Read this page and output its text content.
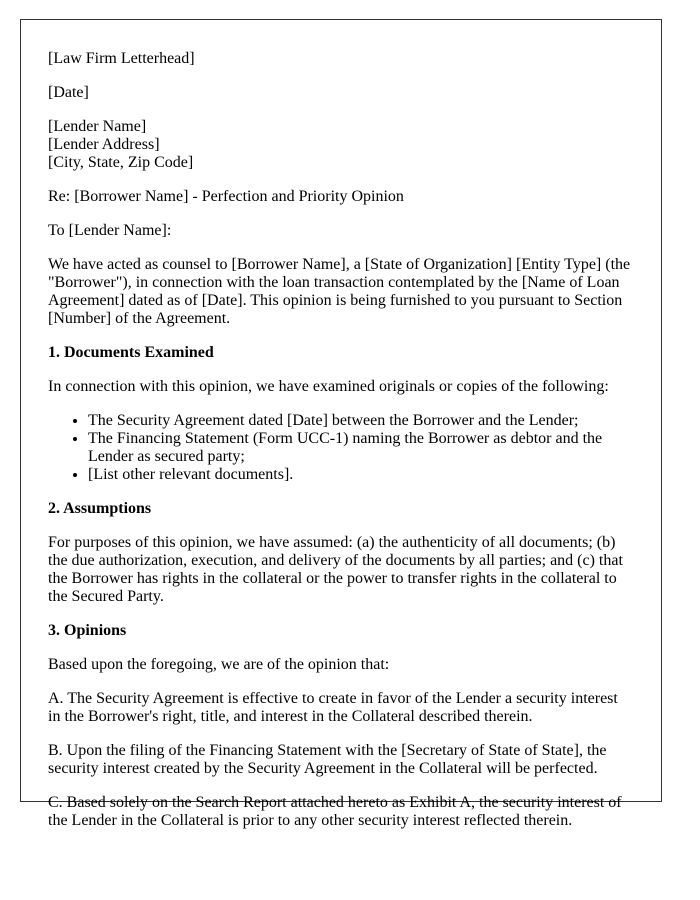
[Law Firm Letterhead]

[Date]

[Lender Name]
[Lender Address]
[City, State, Zip Code]

Re: [Borrower Name] - Perfection and Priority Opinion

To [Lender Name]:

We have acted as counsel to [Borrower Name], a [State of Organization] [Entity Type] (the "Borrower"), in connection with the loan transaction contemplated by the [Name of Loan Agreement] dated as of [Date]. This opinion is being furnished to you pursuant to Section [Number] of the Agreement.

1. Documents Examined

In connection with this opinion, we have examined originals or copies of the following:

• The Security Agreement dated [Date] between the Borrower and the Lender;
• The Financing Statement (Form UCC-1) naming the Borrower as debtor and the Lender as secured party;
• [List other relevant documents].

2. Assumptions

For purposes of this opinion, we have assumed: (a) the authenticity of all documents; (b) the due authorization, execution, and delivery of the documents by all parties; and (c) that the Borrower has rights in the collateral or the power to transfer rights in the collateral to the Secured Party.

3. Opinions

Based upon the foregoing, we are of the opinion that:

A. The Security Agreement is effective to create in favor of the Lender a security interest in the Borrower's right, title, and interest in the Collateral described therein.

B. Upon the filing of the Financing Statement with the [Secretary of State of State], the security interest created by the Security Agreement in the Collateral will be perfected.

C. Based solely on the Search Report attached hereto as Exhibit A, the security interest of the Lender in the Collateral is prior to any other security interest reflected therein.
